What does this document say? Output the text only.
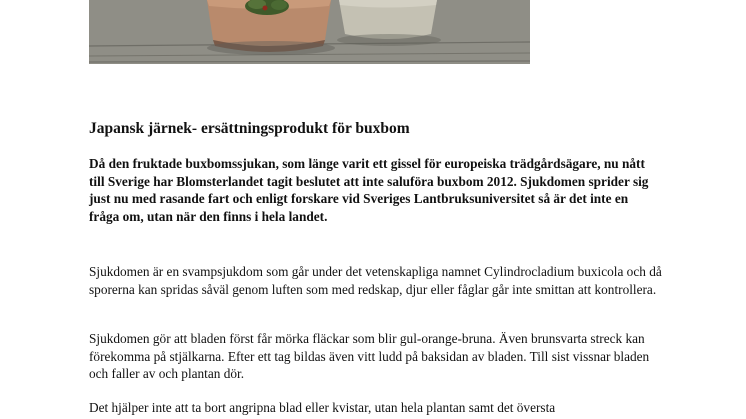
Japansk järnek- ersättningsprodukt för buxbom

Då den fruktade buxbomssjukan, som länge varit ett gissel för europeiska trädgårdsägare, nu nått till Sverige har Blomsterlandet tagit beslutet att inte saluföra buxbom 2012. Sjukdomen sprider sig just nu med rasande fart och enligt forskare vid Sveriges Lantbruksuniversitet så är det inte en fråga om, utan när den finns i hela landet.

Sjukdomen är en svampsjukdom som går under det vetenskapliga namnet Cylindrocladium buxicola och då sporerna kan spridas såväl genom luften som med redskap, djur eller fåglar går inte smittan att kontrollera.

Sjukdomen gör att bladen först får mörka fläckar som blir gul-orange-bruna. Även brunsvarta streck kan förekomma på stjälkarna. Efter ett tag bildas även vitt ludd på baksidan av bladen. Till sist vissnar bladen och faller av och plantan dör.

Det hjälper inte att ta bort angripna blad eller kvistar, utan hela plantan samt det översta
